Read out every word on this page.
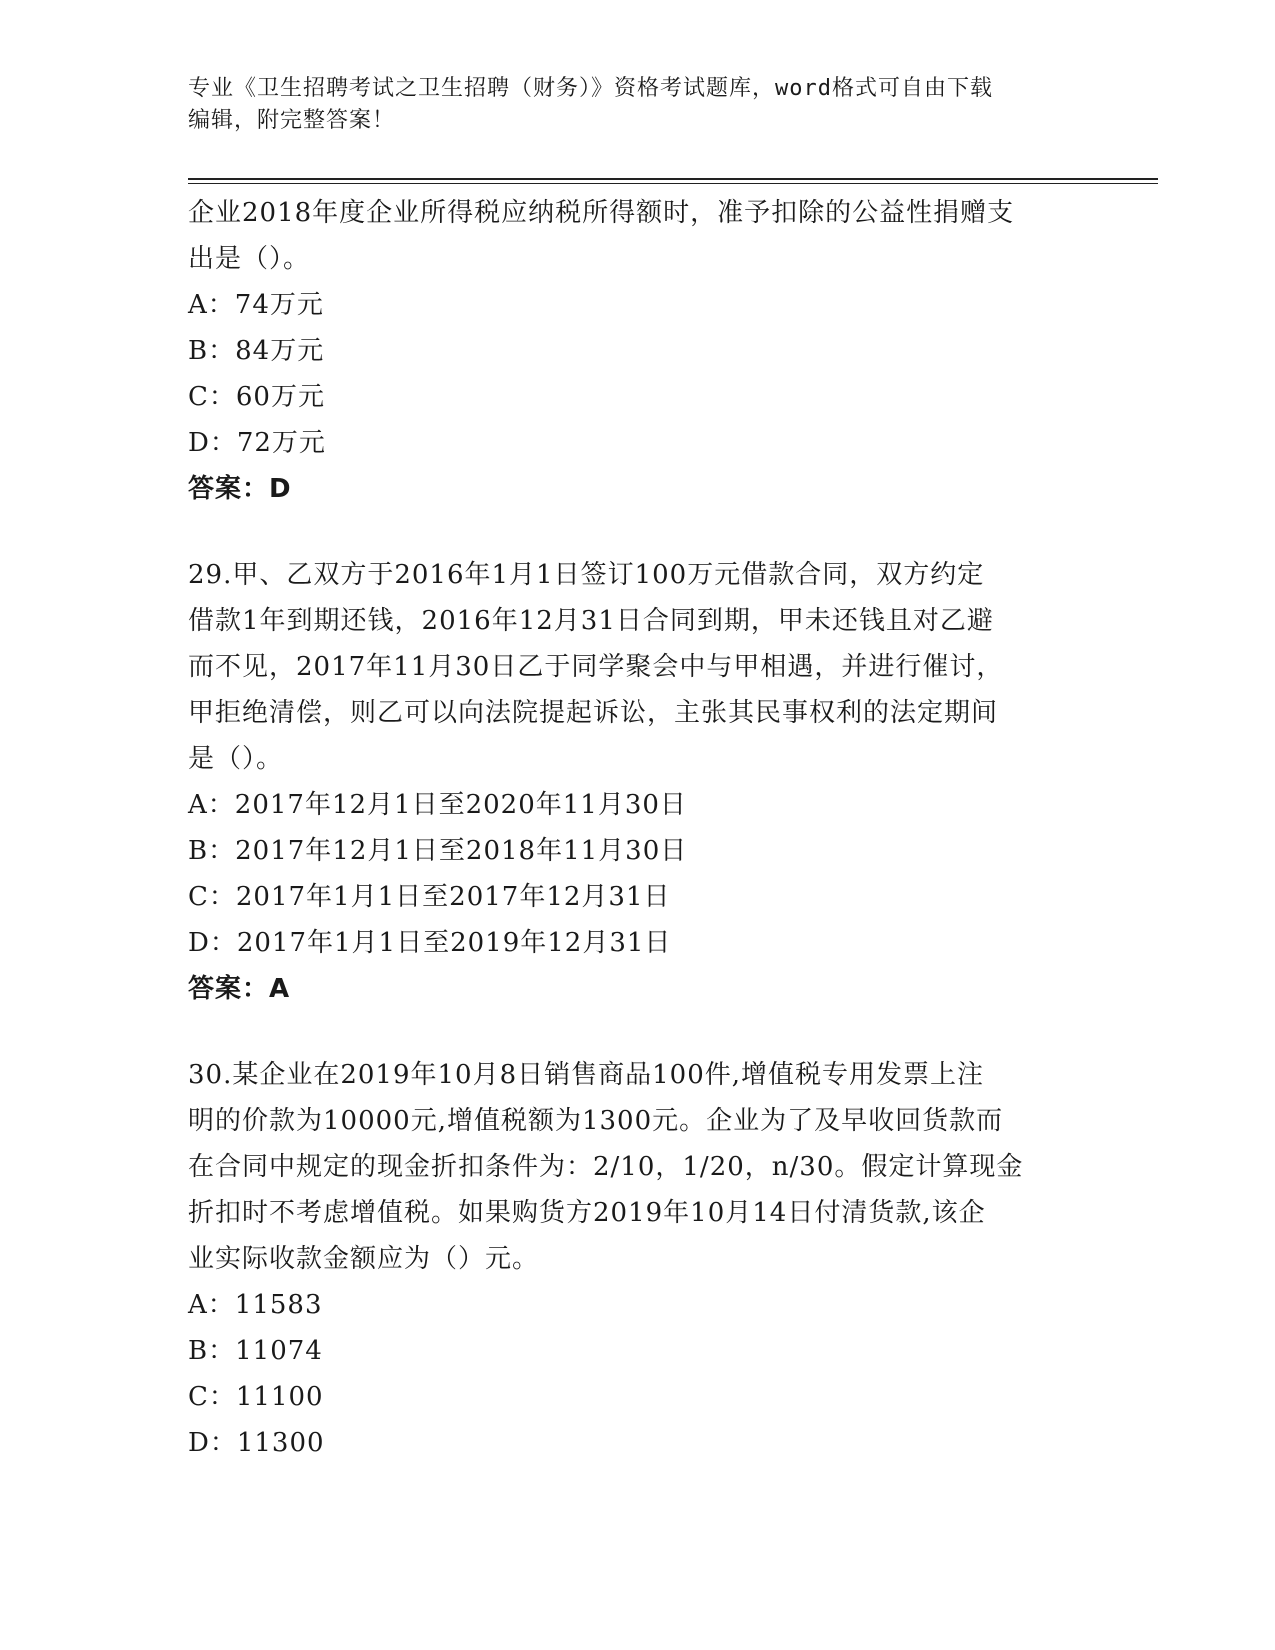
专业《卫生招聘考试之卫生招聘（财务）》资格考试题库，word格式可自由下载
编辑，附完整答案！
企业2018年度企业所得税应纳税所得额时，准予扣除的公益性捐赠支
出是（）。
A：74万元
B：84万元
C：60万元
D：72万元
答案：D
29.甲、乙双方于2016年1月1日签订100万元借款合同，双方约定
借款1年到期还钱，2016年12月31日合同到期，甲未还钱且对乙避
而不见，2017年11月30日乙于同学聚会中与甲相遇，并进行催讨，
甲拒绝清偿，则乙可以向法院提起诉讼，主张其民事权利的法定期间
是（）。
A：2017年12月1日至2020年11月30日
B：2017年12月1日至2018年11月30日
C：2017年1月1日至2017年12月31日
D：2017年1月1日至2019年12月31日
答案：A
30.某企业在2019年10月8日销售商品100件,增值税专用发票上注
明的价款为10000元,增值税额为1300元。企业为了及早收回货款而
在合同中规定的现金折扣条件为：2/10，1/20，n/30。假定计算现金
折扣时不考虑增值税。如果购货方2019年10月14日付清货款,该企
业实际收款金额应为（）元。
A：11583
B：11074
C：11100
D：11300
